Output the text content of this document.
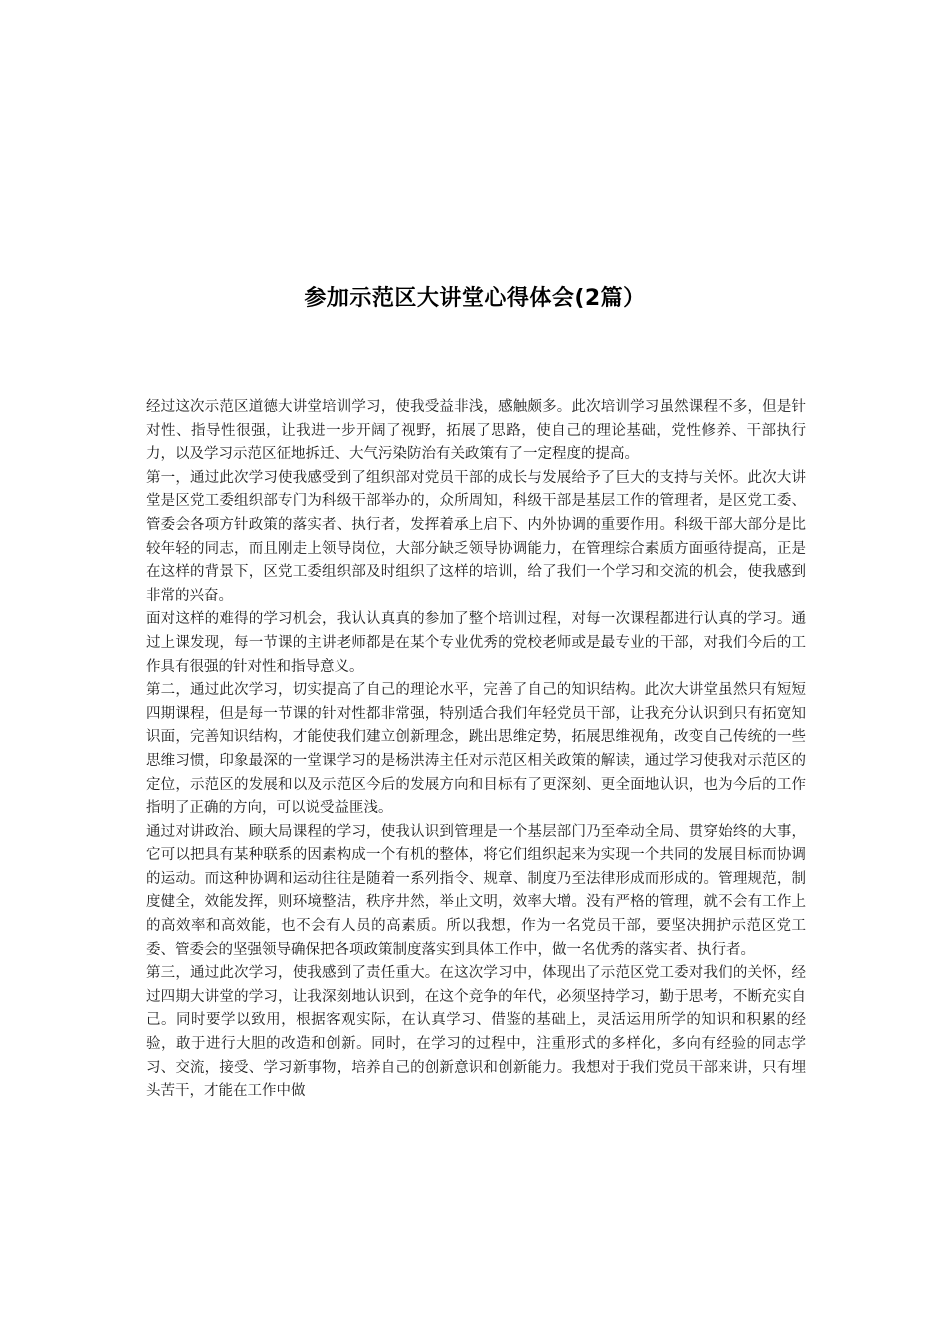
参加示范区大讲堂心得体会(2篇）

经过这次示范区道德大讲堂培训学习，使我受益非浅，感触颇多。此次培训学习虽然课程不多，但是针对性、指导性很强，让我进一步开阔了视野，拓展了思路，使自己的理论基础，党性修养、干部执行力，以及学习示范区征地拆迁、大气污染防治有关政策有了一定程度的提高。

第一，通过此次学习使我感受到了组织部对党员干部的成长与发展给予了巨大的支持与关怀。此次大讲堂是区党工委组织部专门为科级干部举办的，众所周知，科级干部是基层工作的管理者，是区党工委、管委会各项方针政策的落实者、执行者，发挥着承上启下、内外协调的重要作用。科级干部大部分是比较年轻的同志，而且刚走上领导岗位，大部分缺乏领导协调能力，在管理综合素质方面亟待提高，正是在这样的背景下，区党工委组织部及时组织了这样的培训，给了我们一个学习和交流的机会，使我感到非常的兴奋。

面对这样的难得的学习机会，我认认真真的参加了整个培训过程，对每一次课程都进行认真的学习。通过上课发现，每一节课的主讲老师都是在某个专业优秀的党校老师或是最专业的干部，对我们今后的工作具有很强的针对性和指导意义。

第二，通过此次学习，切实提高了自己的理论水平，完善了自己的知识结构。此次大讲堂虽然只有短短四期课程，但是每一节课的针对性都非常强，特别适合我们年轻党员干部，让我充分认识到只有拓宽知识面，完善知识结构，才能使我们建立创新理念，跳出思维定势，拓展思维视角，改变自己传统的一些思维习惯，印象最深的一堂课学习的是杨洪涛主任对示范区相关政策的解读，通过学习使我对示范区的定位，示范区的发展和以及示范区今后的发展方向和目标有了更深刻、更全面地认识，也为今后的工作指明了正确的方向，可以说受益匪浅。

通过对讲政治、顾大局课程的学习，使我认识到管理是一个基层部门乃至牵动全局、贯穿始终的大事，它可以把具有某种联系的因素构成一个有机的整体，将它们组织起来为实现一个共同的发展目标而协调的运动。而这种协调和运动往往是随着一系列指令、规章、制度乃至法律形成而形成的。管理规范，制度健全，效能发挥，则环境整洁，秩序井然，举止文明，效率大增。没有严格的管理，就不会有工作上的高效率和高效能，也不会有人员的高素质。所以我想，作为一名党员干部，要坚决拥护示范区党工委、管委会的坚强领导确保把各项政策制度落实到具体工作中，做一名优秀的落实者、执行者。

第三，通过此次学习，使我感到了责任重大。在这次学习中，体现出了示范区党工委对我们的关怀，经过四期大讲堂的学习，让我深刻地认识到，在这个竞争的年代，必须坚持学习，勤于思考，不断充实自己。同时要学以致用，根据客观实际，在认真学习、借鉴的基础上，灵活运用所学的知识和积累的经验，敢于进行大胆的改造和创新。同时，在学习的过程中，注重形式的多样化，多向有经验的同志学习、交流，接受、学习新事物，培养自己的创新意识和创新能力。我想对于我们党员干部来讲，只有埋头苦干，才能在工作中做
